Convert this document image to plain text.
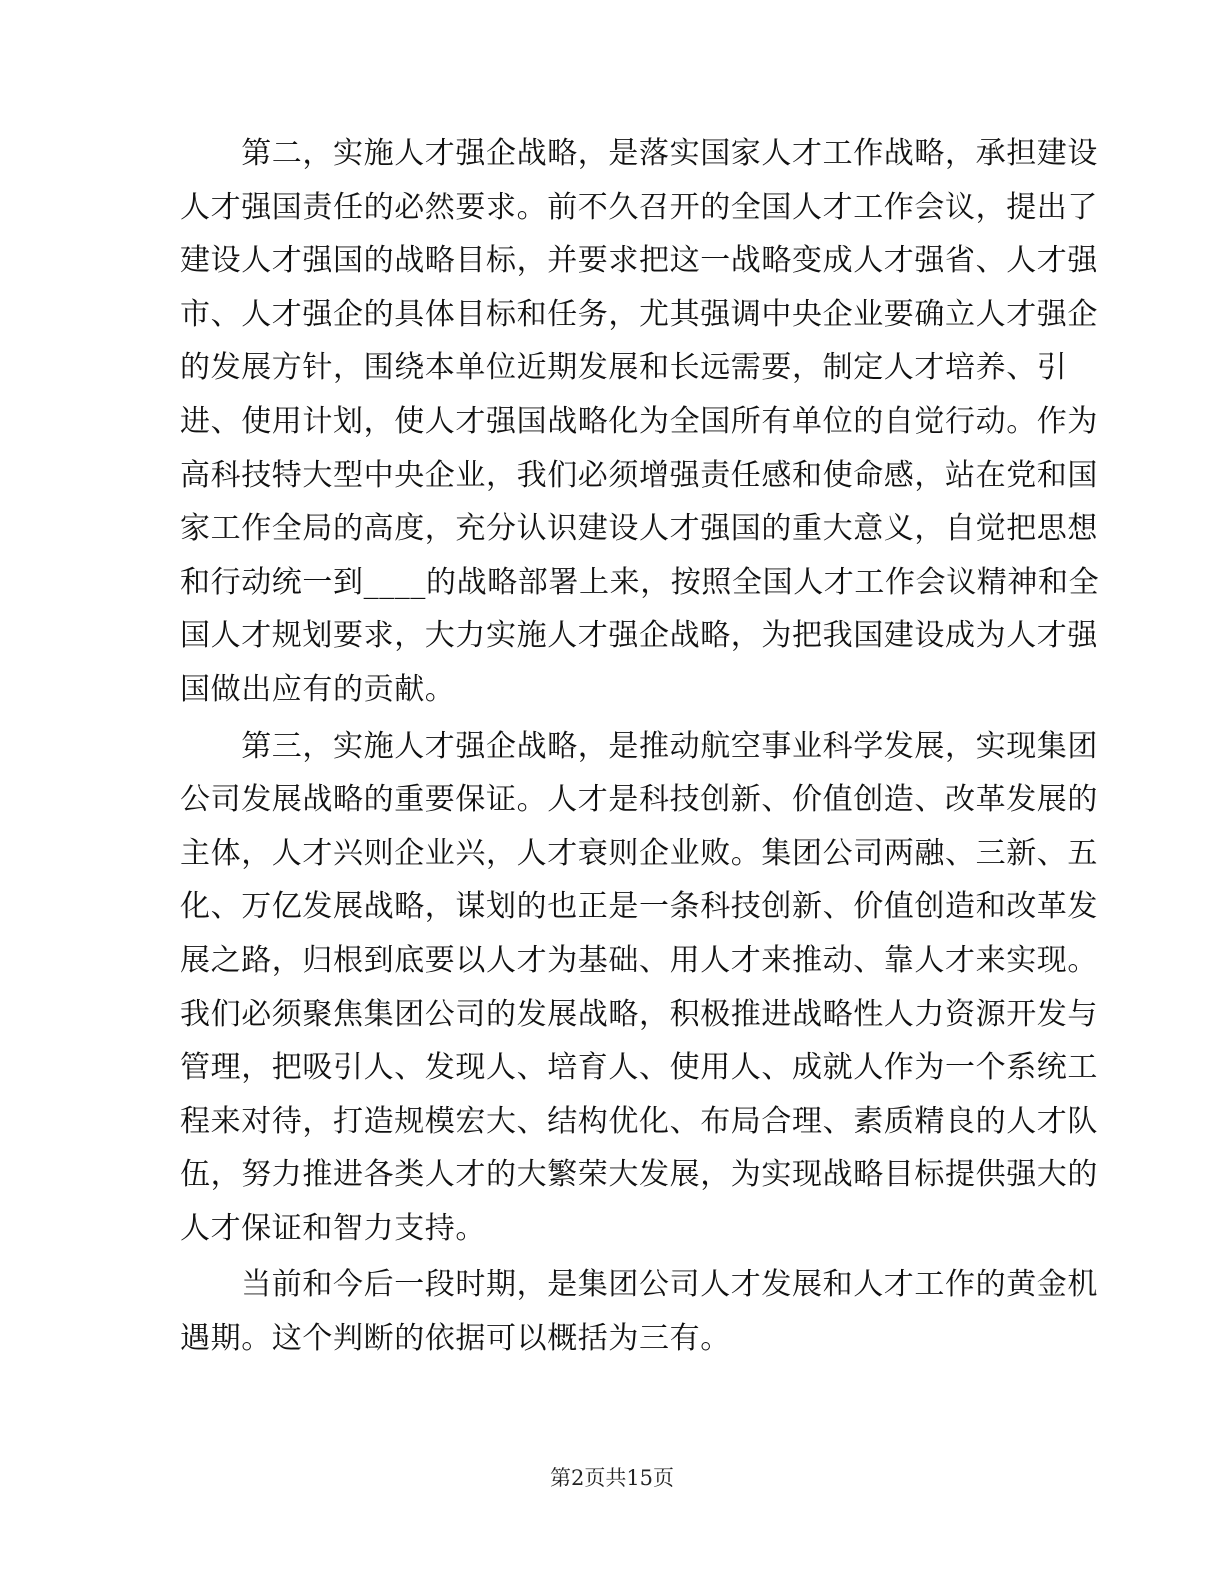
　　第二，实施人才强企战略，是落实国家人才工作战略，承担建设
人才强国责任的必然要求。前不久召开的全国人才工作会议，提出了
建设人才强国的战略目标，并要求把这一战略变成人才强省、人才强
市、人才强企的具体目标和任务，尤其强调中央企业要确立人才强企
的发展方针，围绕本单位近期发展和长远需要，制定人才培养、引
进、使用计划，使人才强国战略化为全国所有单位的自觉行动。作为
高科技特大型中央企业，我们必须增强责任感和使命感，站在党和国
家工作全局的高度，充分认识建设人才强国的重大意义，自觉把思想
和行动统一到____的战略部署上来，按照全国人才工作会议精神和全
国人才规划要求，大力实施人才强企战略，为把我国建设成为人才强
国做出应有的贡献。
　　第三，实施人才强企战略，是推动航空事业科学发展，实现集团
公司发展战略的重要保证。人才是科技创新、价值创造、改革发展的
主体，人才兴则企业兴，人才衰则企业败。集团公司两融、三新、五
化、万亿发展战略，谋划的也正是一条科技创新、价值创造和改革发
展之路，归根到底要以人才为基础、用人才来推动、靠人才来实现。
我们必须聚焦集团公司的发展战略，积极推进战略性人力资源开发与
管理，把吸引人、发现人、培育人、使用人、成就人作为一个系统工
程来对待，打造规模宏大、结构优化、布局合理、素质精良的人才队
伍，努力推进各类人才的大繁荣大发展，为实现战略目标提供强大的
人才保证和智力支持。
　　当前和今后一段时期，是集团公司人才发展和人才工作的黄金机
遇期。这个判断的依据可以概括为三有。
第2页共15页
